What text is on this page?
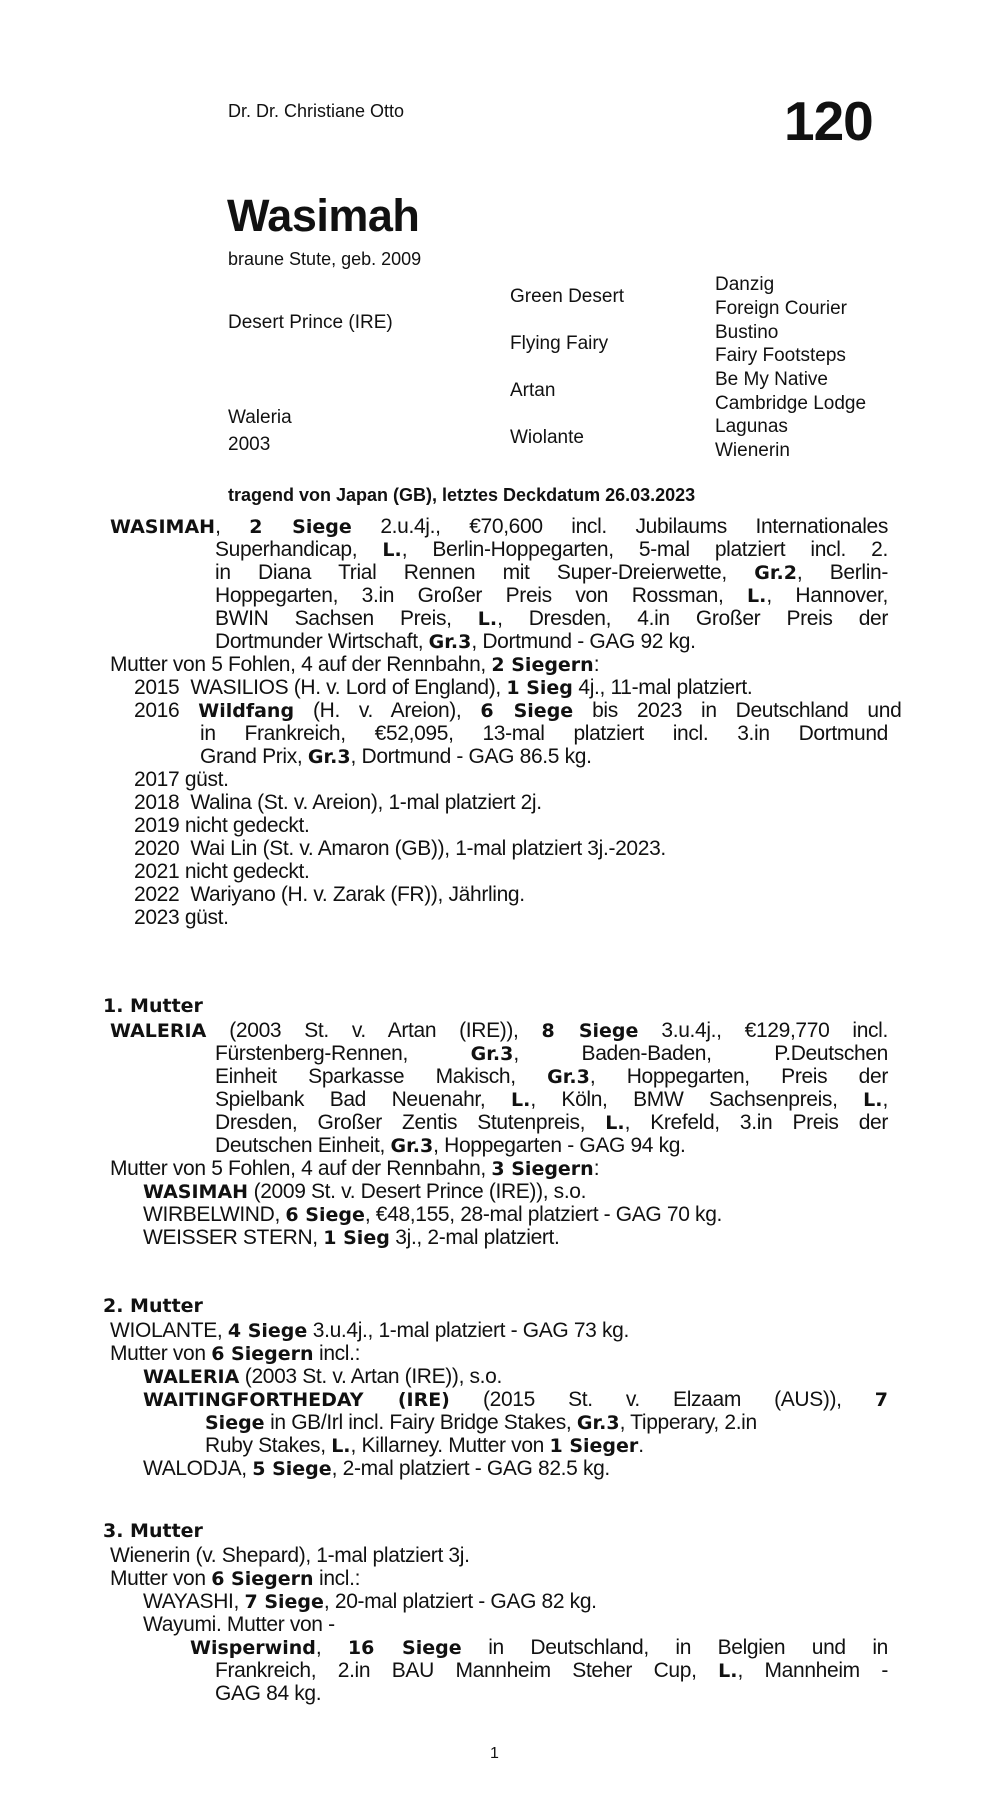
Dr. Dr. Christiane Otto	120
Wasimah
braune Stute, geb. 2009
Desert Prince (IRE)
Waleria
2003
Green Desert
Flying Fairy
Artan
Wiolante
Danzig
Foreign Courier
Bustino
Fairy Footsteps
Be My Native
Cambridge Lodge
Lagunas
Wienerin
tragend von Japan (GB), letztes Deckdatum 26.03.2023
WASIMAH, 2 Siege 2.u.4j., €70,600 incl. Jubilaums Internationales
Superhandicap, L., Berlin-Hoppegarten, 5-mal platziert incl. 2.
in Diana Trial Rennen mit Super-Dreierwette, Gr.2, Berlin-
Hoppegarten, 3.in Großer Preis von Rossman, L., Hannover,
BWIN Sachsen Preis, L., Dresden, 4.in Großer Preis der
Dortmunder Wirtschaft, Gr.3, Dortmund - GAG 92 kg.
Mutter von 5 Fohlen, 4 auf der Rennbahn, 2 Siegern:
2015 WASILIOS (H. v. Lord of England), 1 Sieg 4j., 11-mal platziert.
2016 Wildfang (H. v. Areion), 6 Siege bis 2023 in Deutschland und
in Frankreich, €52,095, 13-mal platziert incl. 3.in Dortmund
Grand Prix, Gr.3, Dortmund - GAG 86.5 kg.
2017 güst.
2018 Walina (St. v. Areion), 1-mal platziert 2j.
2019 nicht gedeckt.
2020 Wai Lin (St. v. Amaron (GB)), 1-mal platziert 3j.-2023.
2021 nicht gedeckt.
2022 Wariyano (H. v. Zarak (FR)), Jährling.
2023 güst.
1. Mutter
WALERIA (2003 St. v. Artan (IRE)), 8 Siege 3.u.4j., €129,770 incl.
Fürstenberg-Rennen, Gr.3, Baden-Baden, P.Deutschen
Einheit Sparkasse Makisch, Gr.3, Hoppegarten, Preis der
Spielbank Bad Neuenahr, L., Köln, BMW Sachsenpreis, L.,
Dresden, Großer Zentis Stutenpreis, L., Krefeld, 3.in Preis der
Deutschen Einheit, Gr.3, Hoppegarten - GAG 94 kg.
Mutter von 5 Fohlen, 4 auf der Rennbahn, 3 Siegern:
WASIMAH (2009 St. v. Desert Prince (IRE)), s.o.
WIRBELWIND, 6 Siege, €48,155, 28-mal platziert - GAG 70 kg.
WEISSER STERN, 1 Sieg 3j., 2-mal platziert.
2. Mutter
WIOLANTE, 4 Siege 3.u.4j., 1-mal platziert - GAG 73 kg.
Mutter von 6 Siegern incl.:
WALERIA (2003 St. v. Artan (IRE)), s.o.
WAITINGFORTHEDAY (IRE) (2015 St. v. Elzaam (AUS)), 7
Siege in GB/Irl incl. Fairy Bridge Stakes, Gr.3, Tipperary, 2.in
Ruby Stakes, L., Killarney. Mutter von 1 Sieger.
WALODJA, 5 Siege, 2-mal platziert - GAG 82.5 kg.
3. Mutter
Wienerin (v. Shepard), 1-mal platziert 3j.
Mutter von 6 Siegern incl.:
WAYASHI, 7 Siege, 20-mal platziert - GAG 82 kg.
Wayumi. Mutter von -
Wisperwind, 16 Siege in Deutschland, in Belgien und in
Frankreich, 2.in BAU Mannheim Steher Cup, L., Mannheim -
GAG 84 kg.
1
